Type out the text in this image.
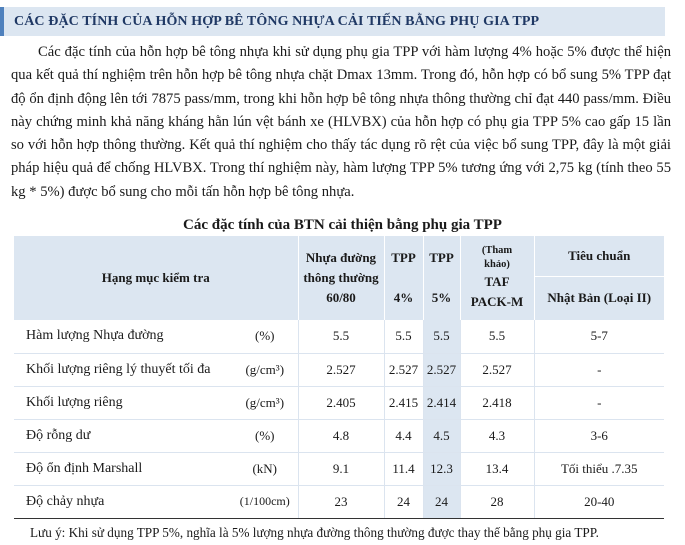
CÁC ĐẶC TÍNH CỦA HỖN HỢP BÊ TÔNG NHỰA CẢI TIẾN BẰNG PHỤ GIA TPP

Các đặc tính của hỗn hợp bê tông nhựa khi sử dụng phụ gia TPP với hàm lượng 4% hoặc 5% được thể hiện qua kết quả thí nghiệm trên hỗn hợp bê tông nhựa chặt Dmax 13mm. Trong đó, hỗn hợp có bổ sung 5% TPP đạt độ ổn định động lên tới 7875 pass/mm, trong khi hỗn hợp bê tông nhựa thông thường chỉ đạt 440 pass/mm. Điều này chứng minh khả năng kháng hằn lún vệt bánh xe (HLVBX) của hỗn hợp có phụ gia TPP 5% cao gấp 15 lần so với hỗn hợp thông thường. Kết quả thí nghiệm cho thấy tác dụng rõ rệt của việc bổ sung TPP, đây là một giải pháp hiệu quả để chống HLVBX. Trong thí nghiệm này, hàm lượng TPP 5% tương ứng với 2,75 kg (tính theo 55 kg * 5%) được bổ sung cho mỗi tấn hỗn hợp bê tông nhựa.

Các đặc tính của BTN cải thiện bằng phụ gia TPP
Hạng mục kiểm tra		Nhựa đường
thông thường
60/80	TPP

4%	TPP

5%	(Tham
khảo)
TAF
PACK-M	Tiêu chuẩn
						Nhật Bản (Loại II)
Hàm lượng Nhựa đường	(%)	5.5	5.5	5.5	5.5	5-7
Khối lượng riêng lý thuyết tối đa	(g/cm³)	2.527	2.527	2.527	2.527	-
Khối lượng riêng	(g/cm³)	2.405	2.415	2.414	2.418	-
Độ rỗng dư	(%)	4.8	4.4	4.5	4.3	3-6
Độ ổn định Marshall	(kN)	9.1	11.4	12.3	13.4	Tối thiểu .7.35
Độ chảy nhựa	(1/100cm)	23	24	24	28	20-40
Lưu ý: Khi sử dụng TPP 5%, nghĩa là 5% lượng nhựa đường thông thường được thay thế bằng phụ gia TPP.
